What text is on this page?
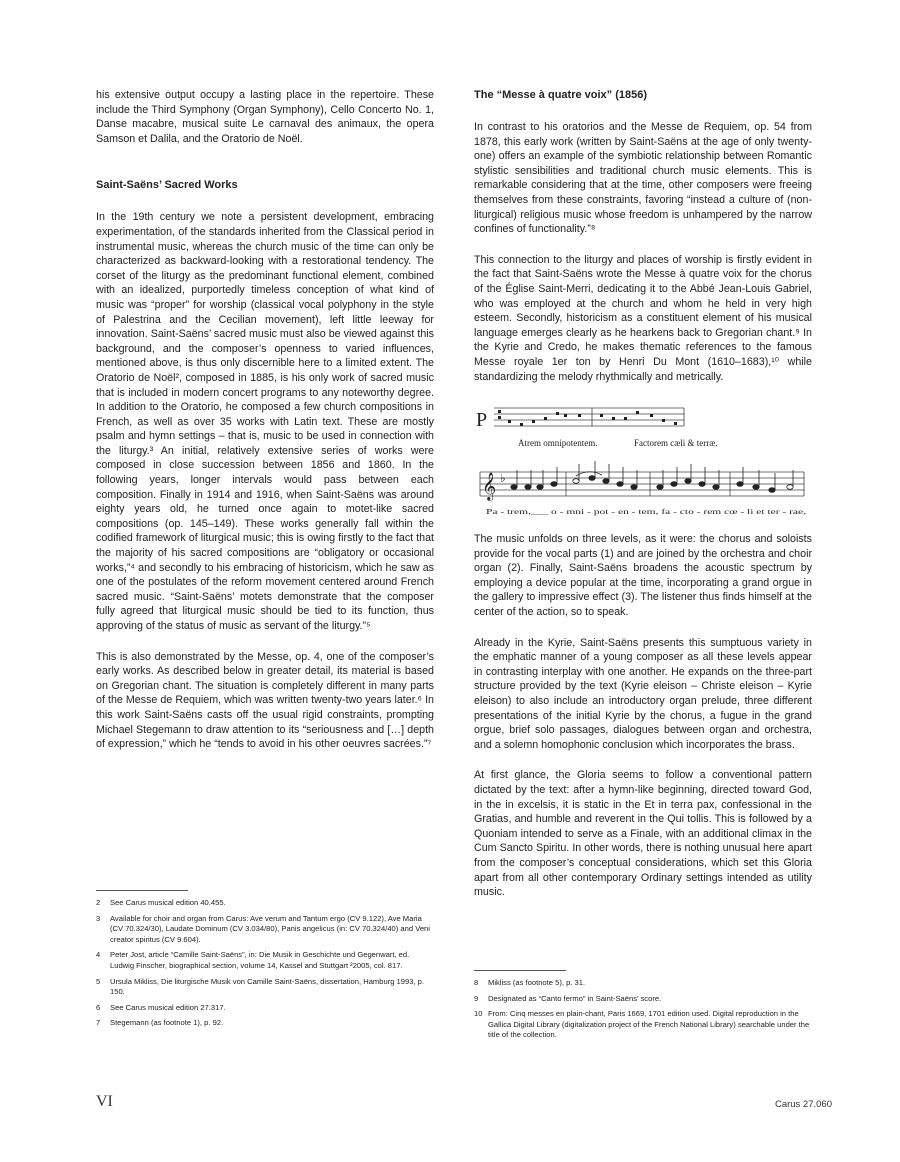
his extensive output occupy a lasting place in the repertoire. These include the Third Symphony (Organ Symphony), Cello Concerto No. 1, Danse macabre, musical suite Le carnaval des animaux, the opera Samson et Dalila, and the Oratorio de Noël.

Saint-Saëns’ Sacred Works

In the 19th century we note a persistent development, embracing experimentation, of the standards inherited from the Classical period in instrumental music, whereas the church music of the time can only be characterized as backward-looking with a restorational tendency. The corset of the liturgy as the predominant functional element, combined with an idealized, purportedly timeless conception of what kind of music was “proper” for worship (classical vocal polyphony in the style of Palestrina and the Cecilian movement), left little leeway for innovation. Saint-Saëns’ sacred music must also be viewed against this background, and the composer’s openness to varied influences, mentioned above, is thus only discernible here to a limited extent. The Oratorio de Noël², composed in 1885, is his only work of sacred music that is included in modern concert programs to any noteworthy degree. In addition to the Oratorio, he composed a few church compositions in French, as well as over 35 works with Latin text. These are mostly psalm and hymn settings – that is, music to be used in connection with the liturgy.³ An initial, relatively extensive series of works were composed in close succession between 1856 and 1860. In the following years, longer intervals would pass between each composition. Finally in 1914 and 1916, when Saint-Saëns was around eighty years old, he turned once again to motet-like sacred compositions (op. 145–149). These works generally fall within the codified framework of liturgical music; this is owing firstly to the fact that the majority of his sacred compositions are “obligatory or occasional works,”⁴ and secondly to his embracing of historicism, which he saw as one of the postulates of the reform movement centered around French sacred music. “Saint-Saëns’ motets demonstrate that the composer fully agreed that liturgical music should be tied to its function, thus approving of the status of music as servant of the liturgy.”⁵

This is also demonstrated by the Messe, op. 4, one of the composer’s early works. As described below in greater detail, its material is based on Gregorian chant. The situation is completely different in many parts of the Messe de Requiem, which was written twenty-two years later.⁶ In this work Saint-Saëns casts off the usual rigid constraints, prompting Michael Stegemann to draw attention to its “seriousness and […] depth of expression,” which he “tends to avoid in his other oeuvres sacrées.”⁷

2	See Carus musical edition 40.455.
3	Available for choir and organ from Carus: Ave verum and Tantum ergo (CV 9.122), Ave Maria (CV 70.324/30), Laudate Dominum (CV 3.034/80), Panis angelicus (in: CV 70.324/40) and Veni creator spiritus (CV 9.604).
4	Peter Jost, article “Camille Saint-Saëns”, in: Die Musik in Geschichte und Gegenwart, ed. Ludwig Finscher, biographical section, volume 14, Kassel and Stuttgart ²2005, col. 817.
5	Ursula Mikliss, Die liturgische Musik von Camille Saint-Saëns, dissertation, Hamburg 1993, p. 150.
6	See Carus musical edition 27.317.
7	Stegemann (as footnote 1), p. 92.
The “Messe à quatre voix” (1856)

In contrast to his oratorios and the Messe de Requiem, op. 54 from 1878, this early work (written by Saint-Saëns at the age of only twenty-one) offers an example of the symbiotic relationship between Romantic stylistic sensibilities and traditional church music elements. This is remarkable considering that at the time, other composers were freeing themselves from these constraints, favoring “instead a culture of (non-liturgical) religious music whose freedom is unhampered by the narrow confines of functionality.”⁸

This connection to the liturgy and places of worship is firstly evident in the fact that Saint-Saëns wrote the Messe à quatre voix for the chorus of the Église Saint-Merri, dedicating it to the Abbé Jean-Louis Gabriel, who was employed at the church and whom he held in very high esteem. Secondly, historicism as a constituent element of his musical language emerges clearly as he hearkens back to Gregorian chant.⁹ In the Kyrie and Credo, he makes thematic references to the famous Messe royale 1er ton by Henri Du Mont (1610–1683),¹⁰ while standardizing the melody rhythmically and metrically.

P
Atrem omnipotentem.	Factorem cæli & terræ.
𝄞 ♭
Pa - trem,___ o - mni - pot - en - tem, fa - cto - rem cœ - li et ter - rae,

The music unfolds on three levels, as it were: the chorus and soloists provide for the vocal parts (1) and are joined by the orchestra and choir organ (2). Finally, Saint-Saëns broadens the acoustic spectrum by employing a device popular at the time, incorporating a grand orgue in the gallery to impressive effect (3). The listener thus finds himself at the center of the action, so to speak.

Already in the Kyrie, Saint-Saëns presents this sumptuous variety in the emphatic manner of a young composer as all these levels appear in contrasting interplay with one another. He expands on the three-part structure provided by the text (Kyrie eleison – Christe eleison – Kyrie eleison) to also include an introductory organ prelude, three different presentations of the initial Kyrie by the chorus, a fugue in the grand orgue, brief solo passages, dialogues between organ and orchestra, and a solemn homophonic conclusion which incorporates the brass.

At first glance, the Gloria seems to follow a conventional pattern dictated by the text: after a hymn-like beginning, directed toward God, in the in excelsis, it is static in the Et in terra pax, confessional in the Gratias, and humble and reverent in the Qui tollis. This is followed by a Quoniam intended to serve as a Finale, with an additional climax in the Cum Sancto Spiritu. In other words, there is nothing unusual here apart from the composer’s conceptual considerations, which set this Gloria apart from all other contemporary Ordinary settings intended as utility music.

8	Mikliss (as footnote 5), p. 31.
9	Designated as “Canto fermo” in Saint-Saëns’ score.
10 From: Cinq messes en plain-chant, Paris 1669, 1701 edition used. Digital reproduction in the Gallica Digital Library (digitalization project of the French National Library) searchable under the title of the collection.
VI	Carus 27.060
